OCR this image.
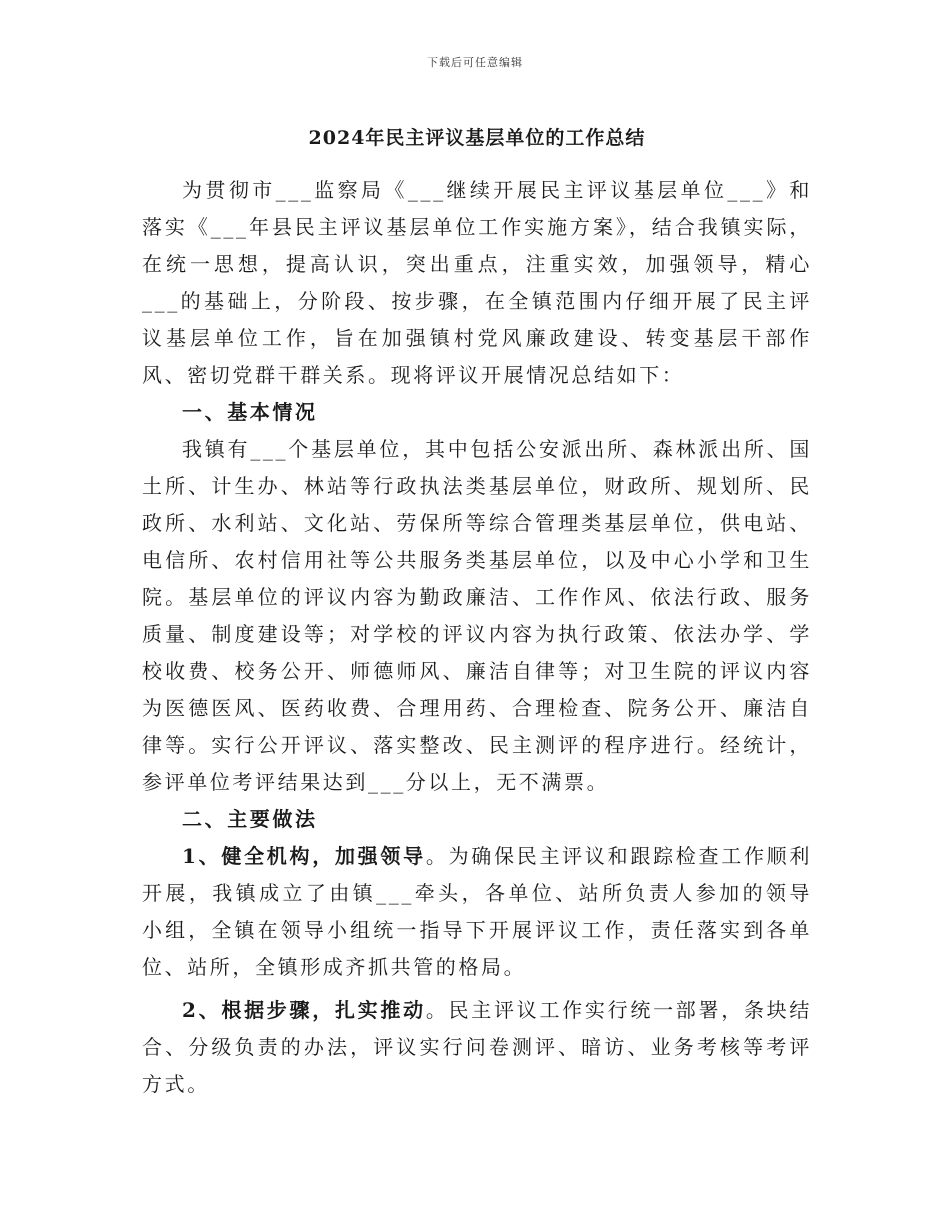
下载后可任意编辑
2024年民主评议基层单位的工作总结

为贯彻市___监察局《___继续开展民主评议基层单位___》和落实《___年县民主评议基层单位工作实施方案》，结合我镇实际，在统一思想，提高认识，突出重点，注重实效，加强领导，精心___的基础上，分阶段、按步骤，在全镇范围内仔细开展了民主评议基层单位工作，旨在加强镇村党风廉政建设、转变基层干部作风、密切党群干群关系。现将评议开展情况总结如下：

一、基本情况

我镇有___个基层单位，其中包括公安派出所、森林派出所、国土所、计生办、林站等行政执法类基层单位，财政所、规划所、民政所、水利站、文化站、劳保所等综合管理类基层单位，供电站、电信所、农村信用社等公共服务类基层单位，以及中心小学和卫生院。基层单位的评议内容为勤政廉洁、工作作风、依法行政、服务质量、制度建设等；对学校的评议内容为执行政策、依法办学、学校收费、校务公开、师德师风、廉洁自律等；对卫生院的评议内容为医德医风、医药收费、合理用药、合理检查、院务公开、廉洁自律等。实行公开评议、落实整改、民主测评的程序进行。经统计，参评单位考评结果达到___分以上，无不满票。

二、主要做法

1、健全机构，加强领导。为确保民主评议和跟踪检查工作顺利开展，我镇成立了由镇___牵头，各单位、站所负责人参加的领导小组，全镇在领导小组统一指导下开展评议工作，责任落实到各单位、站所，全镇形成齐抓共管的格局。

2、根据步骤，扎实推动。民主评议工作实行统一部署，条块结合、分级负责的办法，评议实行问卷测评、暗访、业务考核等考评方式。
